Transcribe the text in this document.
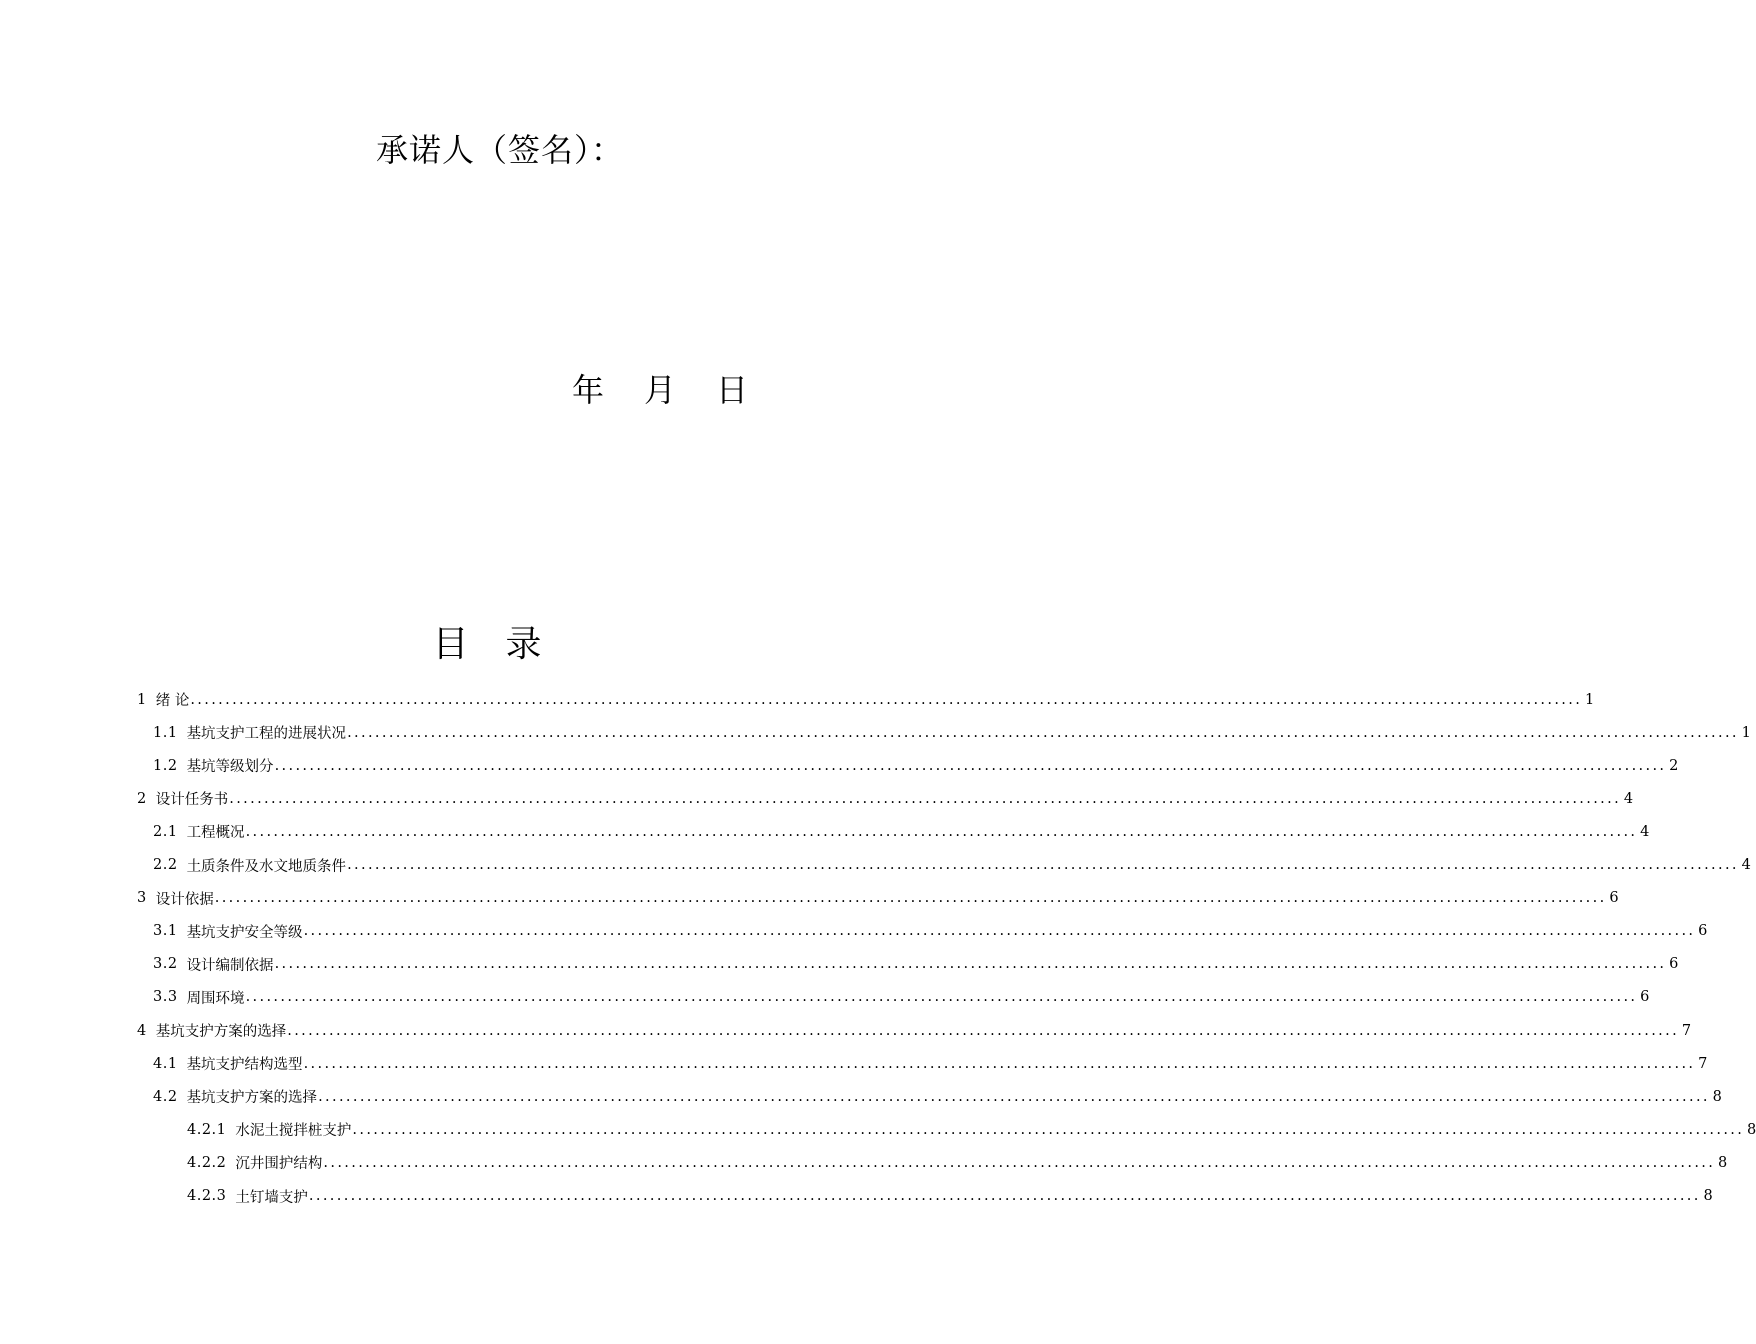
承诺人（签名）：
年 月 日
目 录
1 绪 论 ........................................................................................................................................................................................................ 1
1.1 基坑支护工程的进展状况 ........................................................................................................................................................................................................ 1
1.2 基坑等级划分 ........................................................................................................................................................................................................ 2
2 设计任务书 ........................................................................................................................................................................................................ 4
2.1 工程概况 ........................................................................................................................................................................................................ 4
2.2 土质条件及水文地质条件 ........................................................................................................................................................................................................ 4
3 设计依据 ........................................................................................................................................................................................................ 6
3.1 基坑支护安全等级 ........................................................................................................................................................................................................ 6
3.2 设计编制依据 ........................................................................................................................................................................................................ 6
3.3 周围环境 ........................................................................................................................................................................................................ 6
4 基坑支护方案的选择 ........................................................................................................................................................................................................ 7
4.1 基坑支护结构选型 ........................................................................................................................................................................................................ 7
4.2 基坑支护方案的选择 ........................................................................................................................................................................................................ 8
4.2.1 水泥土搅拌桩支护 ........................................................................................................................................................................................................ 8
4.2.2 沉井围护结构 ........................................................................................................................................................................................................ 8
4.2.3 土钉墙支护 ........................................................................................................................................................................................................ 8
